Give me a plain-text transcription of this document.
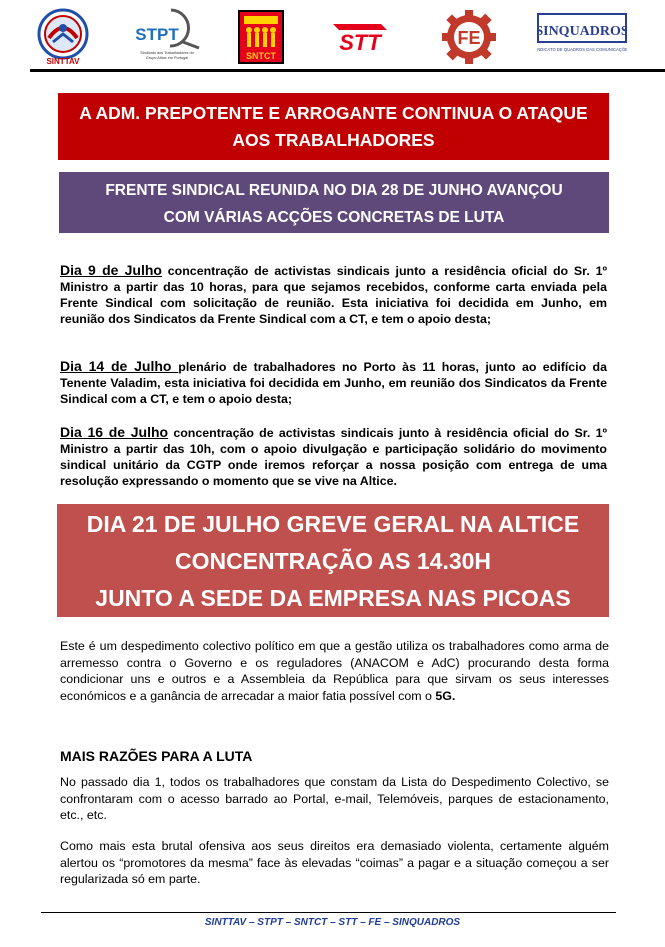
SINTTAV
STPT
Sindicato dos Trabalhadores do
Grupo Altice em Portugal	SNTCT
STT	FE	SINQUADROS
SINDICATO DE QUADROS DAS COMUNICAÇÕES
A ADM. PREPOTENTE E ARROGANTE CONTINUA O ATAQUE
AOS TRABALHADORES
FRENTE SINDICAL REUNIDA NO DIA 28 DE JUNHO AVANÇOU
COM VÁRIAS ACÇÕES CONCRETAS DE LUTA
Dia 9 de Julho concentração de activistas sindicais junto a residência oficial do Sr. 1º Ministro a partir das 10 horas, para que sejamos recebidos, conforme carta enviada pela Frente Sindical com solicitação de reunião. Esta iniciativa foi decidida em Junho, em reunião dos Sindicatos da Frente Sindical com a CT, e tem o apoio desta;
Dia 14 de Julho plenário de trabalhadores no Porto às 11 horas, junto ao edifício da Tenente Valadim, esta iniciativa foi decidida em Junho, em reunião dos Sindicatos da Frente Sindical com a CT, e tem o apoio desta;
Dia 16 de Julho concentração de activistas sindicais junto à residência oficial do Sr. 1º Ministro a partir das 10h, com o apoio divulgação e participação solidário do movimento sindical unitário da CGTP onde iremos reforçar a nossa posição com entrega de uma resolução expressando o momento que se vive na Altice.
DIA 21 DE JULHO GREVE GERAL NA ALTICE
CONCENTRAÇÃO AS 14.30H
JUNTO A SEDE DA EMPRESA NAS PICOAS
Este é um despedimento colectivo político em que a gestão utiliza os trabalhadores como arma de arremesso contra o Governo e os reguladores (ANACOM e AdC) procurando desta forma condicionar uns e outros e a Assembleia da República para que sirvam os seus interesses económicos e a ganância de arrecadar a maior fatia possível com o 5G.
MAIS RAZÕES PARA A LUTA
No passado dia 1, todos os trabalhadores que constam da Lista do Despedimento Colectivo, se confrontaram com o acesso barrado ao Portal, e-mail, Telemóveis, parques de estacionamento, etc., etc.
Como mais esta brutal ofensiva aos seus direitos era demasiado violenta, certamente alguém alertou os “promotores da mesma” face às elevadas “coimas” a pagar e a situação começou a ser regularizada só em parte.
SINTTAV – STPT – SNTCT – STT – FE – SINQUADROS
